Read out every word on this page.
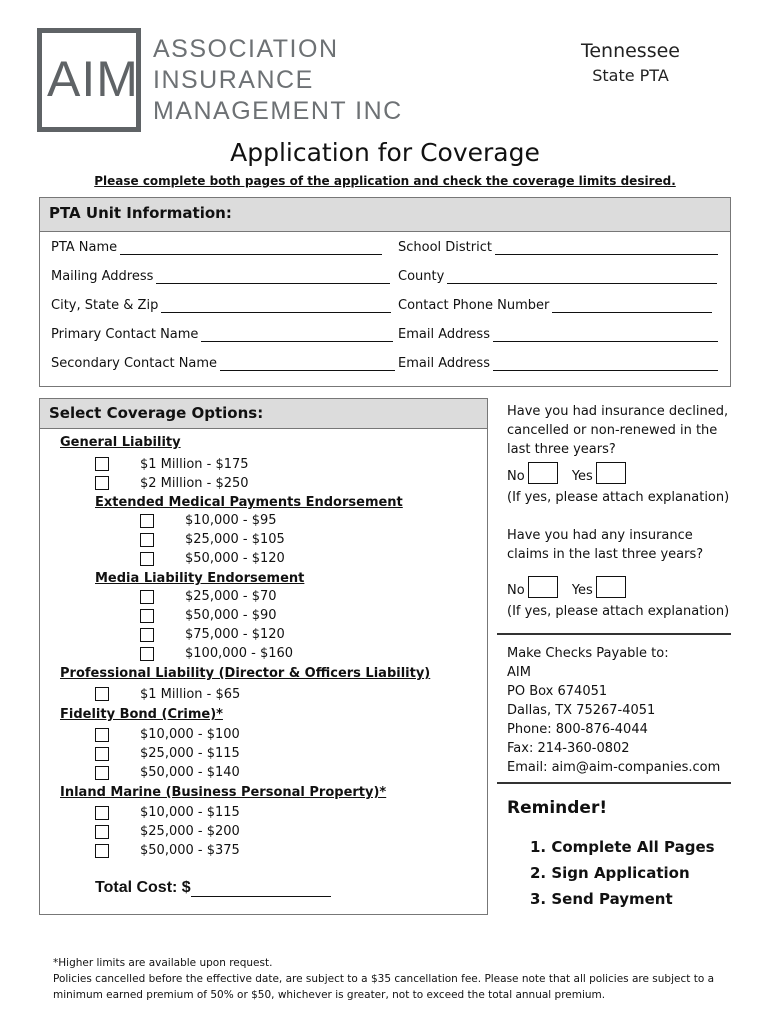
AIM
ASSOCIATION
INSURANCE
MANAGEMENT INC
Tennessee
State PTA
Application for Coverage
Please complete both pages of the application and check the coverage limits desired.
PTA Unit Information:
PTA Name
Mailing Address
City, State & Zip
Primary Contact Name
Secondary Contact Name
School District
County
Contact Phone Number
Email Address
Email Address
Select Coverage Options:
General Liability
$1 Million - $175
$2 Million - $250
Extended Medical Payments Endorsement
$10,000 - $95
$25,000 - $105
$50,000 - $120
Media Liability Endorsement
$25,000 - $70
$50,000 - $90
$75,000 - $120
$100,000 - $160
Professional Liability (Director & Officers Liability)
$1 Million - $65
Fidelity Bond (Crime)*
$10,000 - $100
$25,000 - $115
$50,000 - $140
Inland Marine (Business Personal Property)*
$10,000 - $115
$25,000 - $200
$50,000 - $375
Total Cost: $
Have you had insurance declined,
cancelled or non-renewed in the
last three years?
No	Yes
(If yes, please attach explanation)
Have you had any insurance
claims in the last three years?
No	Yes
(If yes, please attach explanation)
Make Checks Payable to:
AIM
PO Box 674051
Dallas, TX 75267-4051
Phone: 800-876-4044
Fax: 214-360-0802
Email: aim@aim-companies.com
Reminder!
1. Complete All Pages
2. Sign Application
3. Send Payment
*Higher limits are available upon request.
Policies cancelled before the effective date, are subject to a $35 cancellation fee. Please note that all policies are subject to a
minimum earned premium of 50% or $50, whichever is greater, not to exceed the total annual premium.
